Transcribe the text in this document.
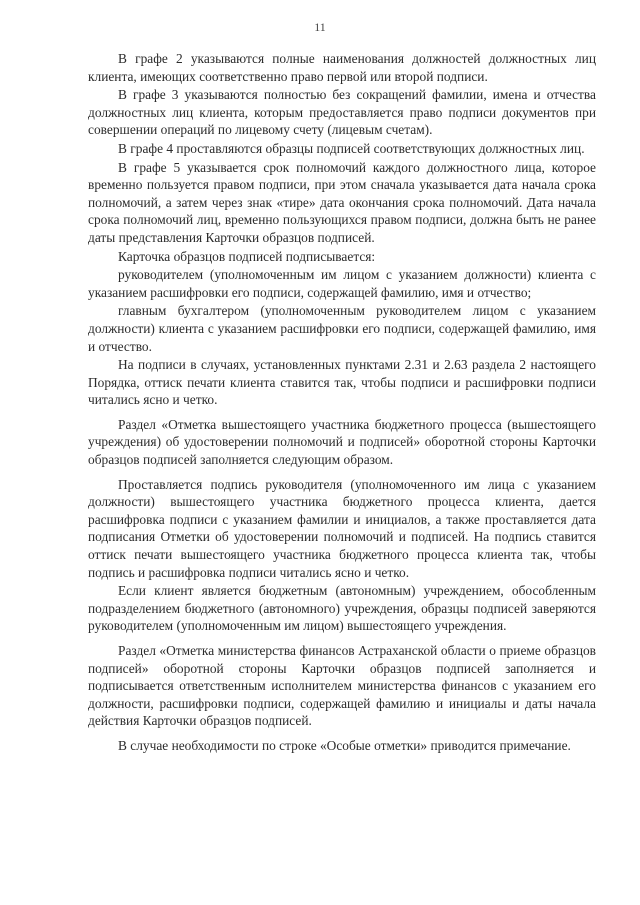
11

В графе 2 указываются полные наименования должностей должностных лиц клиента, имеющих соответственно право первой или второй подписи.

В графе 3 указываются полностью без сокращений фамилии, имена и отчества должностных лиц клиента, которым предоставляется право подписи документов при совершении операций по лицевому счету (лицевым счетам).

В графе 4 проставляются образцы подписей соответствующих должностных лиц.

В графе 5 указывается срок полномочий каждого должностного лица, которое временно пользуется правом подписи, при этом сначала указывается дата начала срока полномочий, а затем через знак «тире» дата окончания срока полномочий. Дата начала срока полномочий лиц, временно пользующихся правом подписи, должна быть не ранее даты представления Карточки образцов подписей.

Карточка образцов подписей подписывается:

руководителем (уполномоченным им лицом с указанием должности) клиента с указанием расшифровки его подписи, содержащей фамилию, имя и отчество;

главным бухгалтером (уполномоченным руководителем лицом с указанием должности) клиента с указанием расшифровки его подписи, содержащей фамилию, имя и отчество.

На подписи в случаях, установленных пунктами 2.31 и 2.63 раздела 2 настоящего Порядка, оттиск печати клиента ставится так, чтобы подписи и расшифровки подписи читались ясно и четко.

Раздел «Отметка вышестоящего участника бюджетного процесса (вышестоящего учреждения) об удостоверении полномочий и подписей» оборотной стороны Карточки образцов подписей заполняется следующим образом.

Проставляется подпись руководителя (уполномоченного им лица с указанием должности) вышестоящего участника бюджетного процесса клиента, дается расшифровка подписи с указанием фамилии и инициалов, а также проставляется дата подписания Отметки об удостоверении полномочий и подписей. На подпись ставится оттиск печати вышестоящего участника бюджетного процесса клиента так, чтобы подпись и расшифровка подписи читались ясно и четко.

Если клиент является бюджетным (автономным) учреждением, обособленным подразделением бюджетного (автономного) учреждения, образцы подписей заверяются руководителем (уполномоченным им лицом) вышестоящего учреждения.

Раздел «Отметка министерства финансов Астраханской области о приеме образцов подписей» оборотной стороны Карточки образцов подписей заполняется и подписывается ответственным исполнителем министерства финансов с указанием его должности, расшифровки подписи, содержащей фамилию и инициалы и даты начала действия Карточки образцов подписей.

В случае необходимости по строке «Особые отметки» приводится примечание.
